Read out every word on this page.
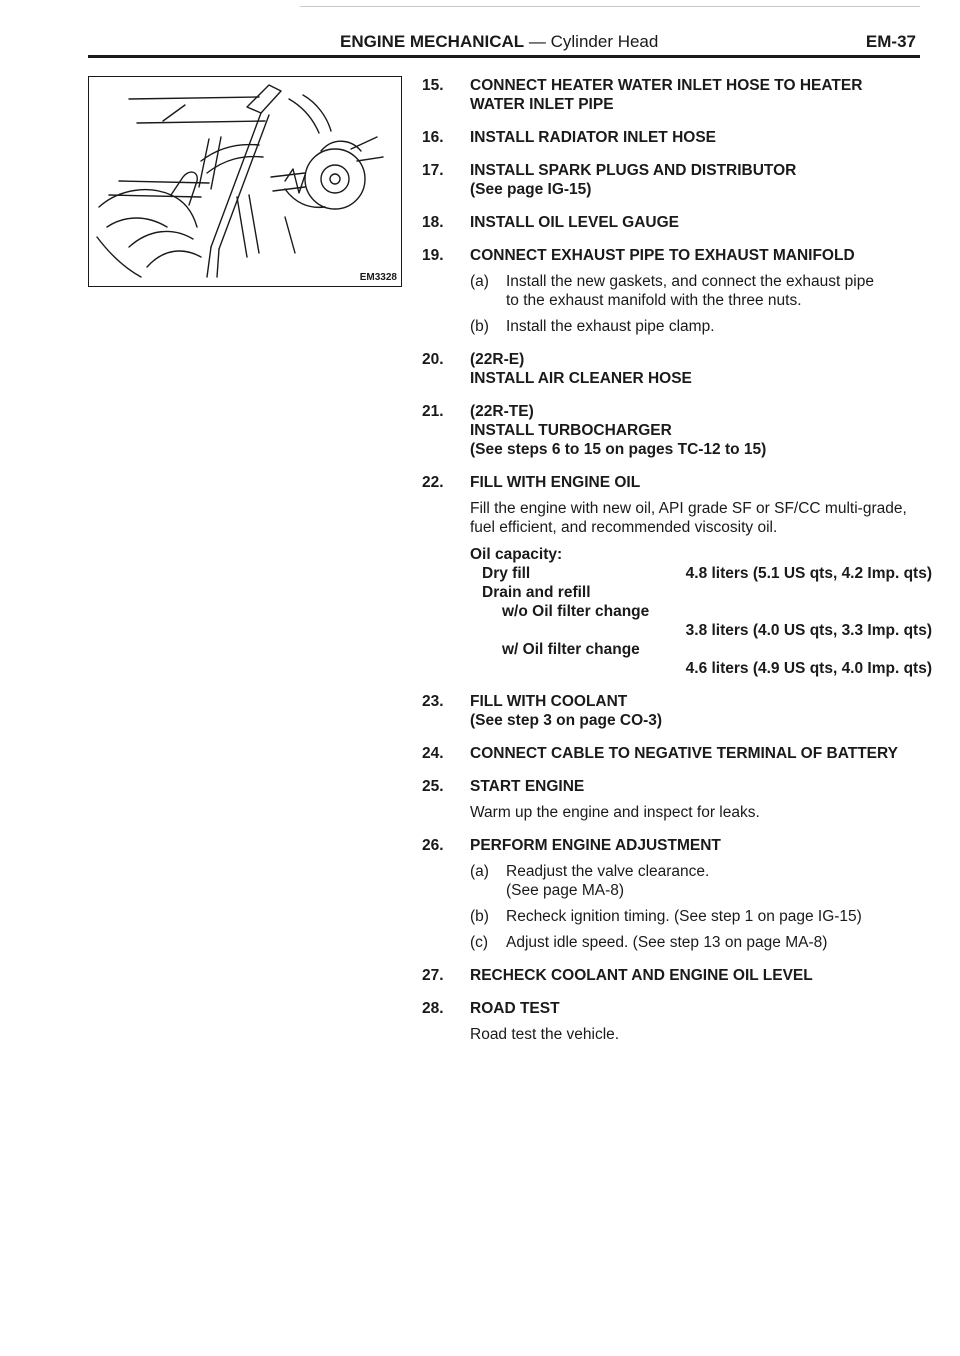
ENGINE MECHANICAL — Cylinder Head	EM-37
EM3328
15.	CONNECT HEATER WATER INLET HOSE TO HEATER
WATER INLET PIPE
16.	INSTALL RADIATOR INLET HOSE
17.	INSTALL SPARK PLUGS AND DISTRIBUTOR
(See page IG-15)
18.	INSTALL OIL LEVEL GAUGE
19.	CONNECT EXHAUST PIPE TO EXHAUST MANIFOLD
(a)	Install the new gaskets, and connect the exhaust pipe
to the exhaust manifold with the three nuts.
(b)	Install the exhaust pipe clamp.
20.	(22R-E)
INSTALL AIR CLEANER HOSE
21.	(22R-TE)
INSTALL TURBOCHARGER
(See steps 6 to 15 on pages TC-12 to 15)
22.	FILL WITH ENGINE OIL
Fill the engine with new oil, API grade SF or SF/CC multi-grade, fuel efficient, and recommended viscosity oil.
Oil capacity:
Dry fill	4.8 liters (5.1 US qts, 4.2 Imp. qts)
Drain and refill
w/o Oil filter change
3.8 liters (4.0 US qts, 3.3 Imp. qts)
w/ Oil filter change
4.6 liters (4.9 US qts, 4.0 Imp. qts)
23.	FILL WITH COOLANT
(See step 3 on page CO-3)
24.	CONNECT CABLE TO NEGATIVE TERMINAL OF BATTERY
25.	START ENGINE
Warm up the engine and inspect for leaks.
26.	PERFORM ENGINE ADJUSTMENT
(a)	Readjust the valve clearance.
(See page MA-8)
(b)	Recheck ignition timing. (See step 1 on page IG-15)
(c)	Adjust idle speed. (See step 13 on page MA-8)
27.	RECHECK COOLANT AND ENGINE OIL LEVEL
28.	ROAD TEST
Road test the vehicle.
